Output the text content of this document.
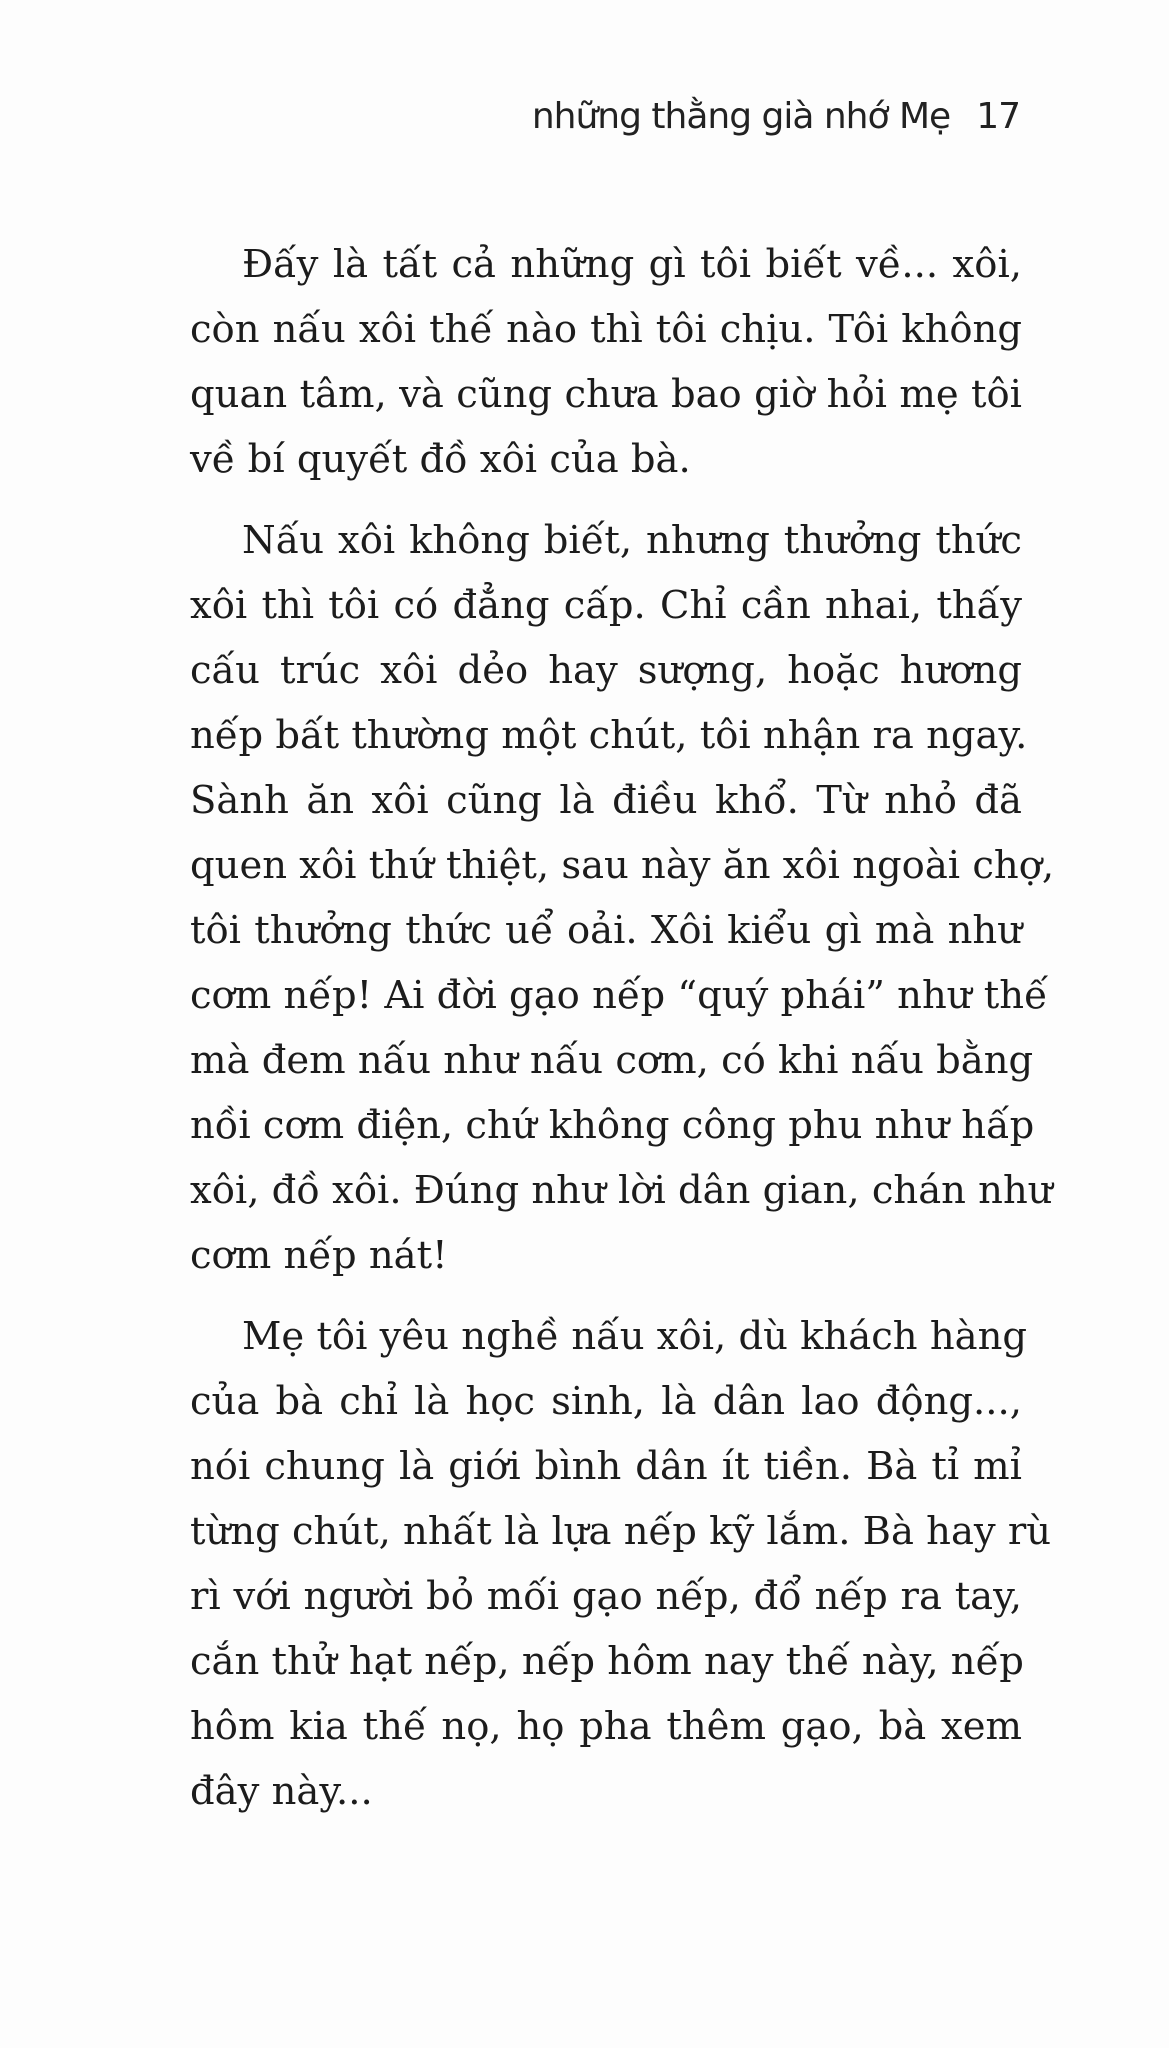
những thằng già nhớ Mẹ 17

Đấy là tất cả những gì tôi biết về... xôi,
còn nấu xôi thế nào thì tôi chịu. Tôi không
quan tâm, và cũng chưa bao giờ hỏi mẹ tôi
về bí quyết đồ xôi của bà.

Nấu xôi không biết, nhưng thưởng thức
xôi thì tôi có đẳng cấp. Chỉ cần nhai, thấy
cấu trúc xôi dẻo hay sượng, hoặc hương
nếp bất thường một chút, tôi nhận ra ngay.
Sành ăn xôi cũng là điều khổ. Từ nhỏ đã
quen xôi thứ thiệt, sau này ăn xôi ngoài chợ,
tôi thưởng thức uể oải. Xôi kiểu gì mà như
cơm nếp! Ai đời gạo nếp “quý phái” như thế
mà đem nấu như nấu cơm, có khi nấu bằng
nồi cơm điện, chứ không công phu như hấp
xôi, đồ xôi. Đúng như lời dân gian, chán như
cơm nếp nát!

Mẹ tôi yêu nghề nấu xôi, dù khách hàng
của bà chỉ là học sinh, là dân lao động...,
nói chung là giới bình dân ít tiền. Bà tỉ mỉ
từng chút, nhất là lựa nếp kỹ lắm. Bà hay rù
rì với người bỏ mối gạo nếp, đổ nếp ra tay,
cắn thử hạt nếp, nếp hôm nay thế này, nếp
hôm kia thế nọ, họ pha thêm gạo, bà xem
đây này...
